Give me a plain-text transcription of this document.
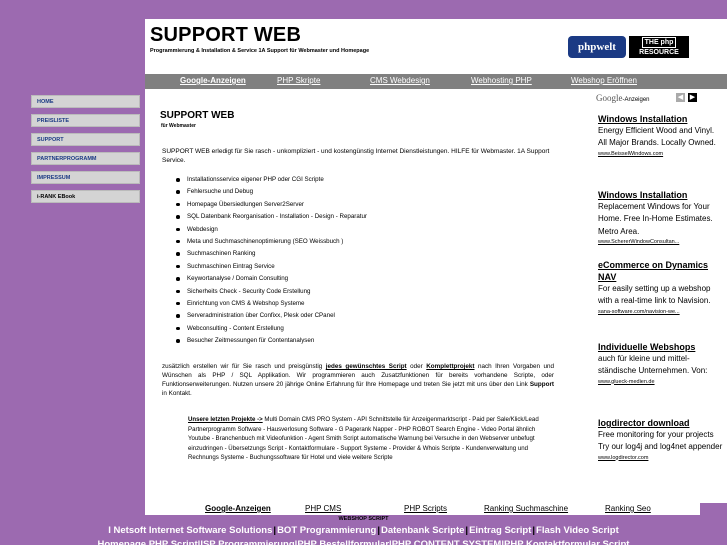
SUPPORT WEB
Programmierung & Installation & Service 1A Support für Webmaster und Homepage	phpwelt	THE php
RESOURCE
Google-Anzeigen	PHP Skripte	CMS Webdesign	Webhosting PHP	Webshop Eröffnen
HOME
PREISLISTE
SUPPORT
PARTNERPROGRAMM
IMPRESSUM
i-RANK EBook
SUPPORT WEB
für Webmaster
SUPPORT WEB erledigt für Sie rasch - unkompliziert - und kostengünstig Internet Dienstleistungen. HILFE für Webmaster. 1A Support Service.
Installationsservice eigener PHP oder CGI Scripte
Fehlersuche und Debug
Homepage Übersiedlungen Server2Server
SQL Datenbank Reorganisation - Installation - Design - Reparatur
Webdesign
Meta und Suchmaschinenoptimierung (SEO Weissbuch )
Suchmaschinen Ranking
Suchmaschinen Eintrag Service
Keywortanalyse / Domain Consulting
Sicherheits Check - Security Code Erstellung
Einrichtung von CMS & Webshop Systeme
Serveradministration über Confixx, Plesk oder CPanel
Webconsulting - Content Erstellung
Besucher Zeitmessungen für Contentanalysen
zusätzlich erstellen wir für Sie rasch und preisgünstig jedes gewünschtes Script oder Komplettprojekt nach Ihren Vorgaben und Wünschen als PHP / SQL Applikation. Wir programmieren auch Zusatzfunktionen für bereits vorhandene Scripte, oder Funktionserweiterungen. Nutzen unsere 20 jährige Online Erfahrung für Ihre Homepage und treten Sie jetzt mit uns über den Link Support in Kontakt.
Unsere letzten Projekte -> Multi Domain CMS PRO System - API Schnittstelle für Anzeigenmarktscript - Paid per Sale/Klick/Lead Partnerprogramm Software - Hausverlosung Software - G Pagerank Napper - PHP ROBOT Search Engine - Video Portal ähnlich Youtube - Branchenbuch mit Videofunktion - Agent Smith Script automatische Warnung bei Versuche in den Webserver unbefugt einzudringen - Übersetzungs Script - Kontaktformulare - Support Systeme - Provider & Whois Scripte - Kundenverwaltung und Rechnungs Systeme - Buchungssoftware für Hotel und viele weitere Scripte
Google-Anzeigen	◀ ▶
Windows Installation
Energy Efficient Wood and Vinyl. All Major Brands. Locally Owned.
www.BeisselWindows.com
Windows Installation
Replacement Windows for Your Home. Free In-Home Estimates. Metro Area.
www.SchererWindowConsultan...
eCommerce on Dynamics NAV
For easily setting up a webshop with a real-time link to Navision.
sana-software.com/navision-we...
Individuelle Webshops
auch für kleine und mittel-ständische Unternehmen. Von:
www.glueck-medien.de
logdirector download
Free monitoring for your projects Try our log4j and log4net appender
www.logdirector.com
Google-Anzeigen	PHP CMS	PHP Scripts	Ranking Suchmaschine	Ranking Seo
WEBSHOP SCRIPT
I Netsoft Internet Software Solutions|BOT Programmierung|Datenbank Scripte|Eintrag Script|Flash Video Script
Homepage PHP Script|ISP Programmierung|PHP Bestellformular|PHP CONTENT SYSTEM|PHP Kontaktformular Script
